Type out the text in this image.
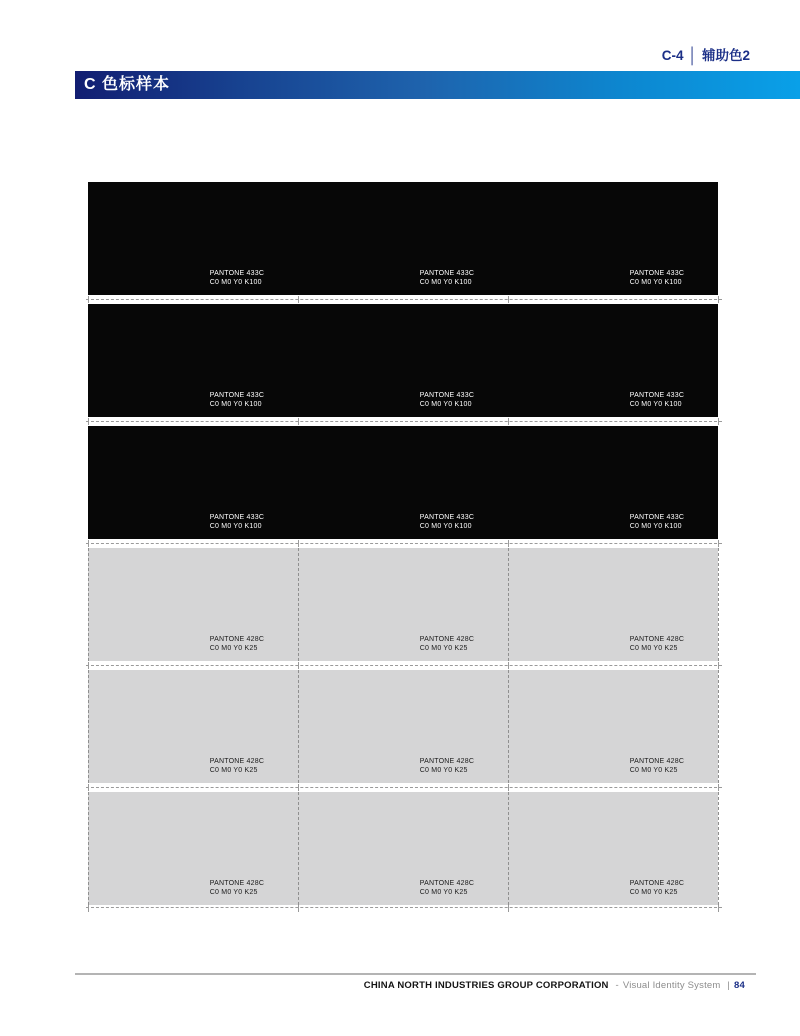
C-4 │ 辅助色2
C 色标样本
PANTONE 433C
C0 M0 Y0 K100
PANTONE 433C
C0 M0 Y0 K100
PANTONE 433C
C0 M0 Y0 K100
PANTONE 433C
C0 M0 Y0 K100
PANTONE 433C
C0 M0 Y0 K100
PANTONE 433C
C0 M0 Y0 K100
PANTONE 433C
C0 M0 Y0 K100
PANTONE 433C
C0 M0 Y0 K100
PANTONE 433C
C0 M0 Y0 K100
PANTONE 428C
C0 M0 Y0 K25
PANTONE 428C
C0 M0 Y0 K25
PANTONE 428C
C0 M0 Y0 K25
PANTONE 428C
C0 M0 Y0 K25
PANTONE 428C
C0 M0 Y0 K25
PANTONE 428C
C0 M0 Y0 K25
PANTONE 428C
C0 M0 Y0 K25
PANTONE 428C
C0 M0 Y0 K25
PANTONE 428C
C0 M0 Y0 K25
CHINA NORTH INDUSTRIES GROUP CORPORATION - Visual Identity System | 84
